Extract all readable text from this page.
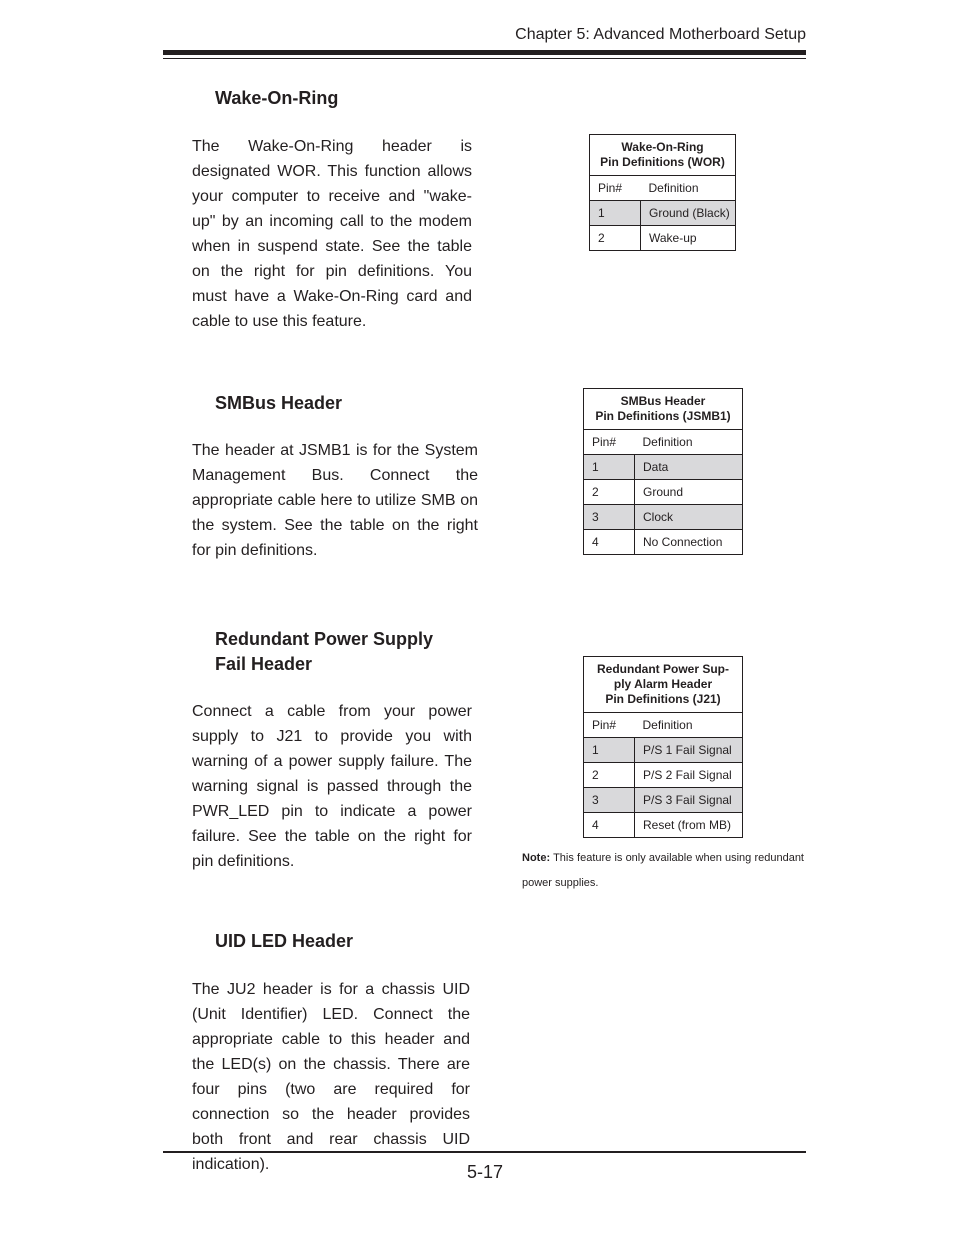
Chapter 5: Advanced Motherboard Setup
Wake-On-Ring
The Wake-On-Ring header is designated WOR. This function allows your computer to receive and "wake-up" by an incoming call to the modem when in suspend state. See the table on the right for pin definitions. You must have a Wake-On-Ring card and cable to use this feature.
Wake-On-Ring
Pin Definitions (WOR)	

Pin#	Definition
1	Ground (Black)
2	Wake-up
SMBus Header
The header at JSMB1 is for the System Management Bus. Connect the appropriate cable here to utilize SMB on the system. See the table on the right for pin definitions.
SMBus Header
Pin Definitions (JSMB1)	

Pin#	Definition
1	Data
2	Ground
3	Clock
4	No Connection
Redundant Power Supply
Fail Header
Connect a cable from your power supply to J21 to provide you with warning of a power supply failure. The warning signal is passed through the PWR_LED pin to indicate a power failure. See the table on the right for pin definitions.
Redundant Power Sup-
ply Alarm Header
Pin Definitions (J21)	

Pin#	Definition
1	P/S 1 Fail Signal
2	P/S 2 Fail Signal
3	P/S 3 Fail Signal
4	Reset (from MB)
Note: This feature is only available when using redundant power supplies.
UID LED Header
The JU2 header is for a chassis UID (Unit Identifier) LED. Connect the appropriate cable to this header and the LED(s) on the chassis. There are four pins (two are required for connection so the header provides both front and rear chassis UID indication).	5-17
